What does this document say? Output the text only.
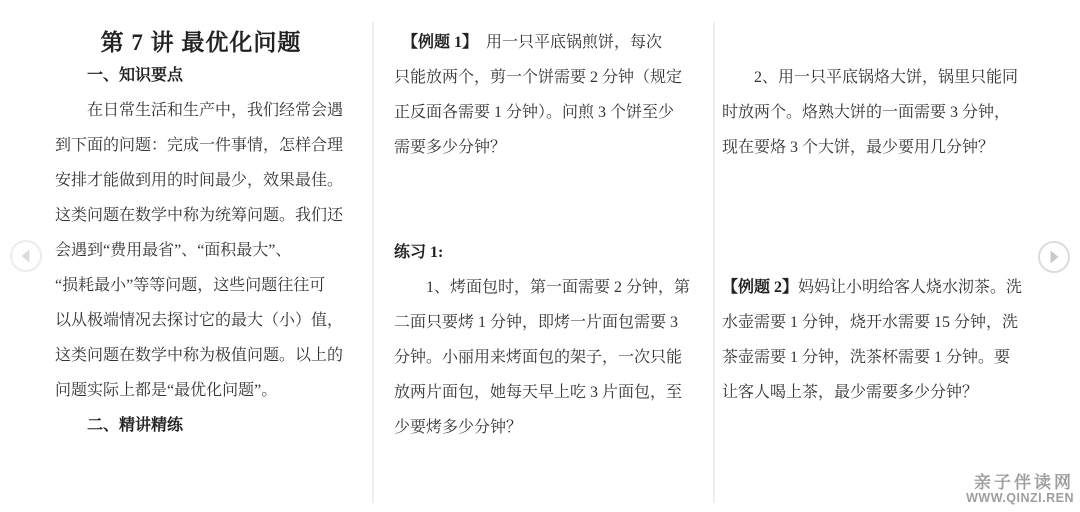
第 7 讲 最优化问题
　　一、知识要点
　　在日常生活和生产中，我们经常会遇
到下面的问题：完成一件事情，怎样合理
安排才能做到用的时间最少，效果最佳。
这类问题在数学中称为统筹问题。我们还
会遇到“费用最省”、“面积最大”、
“损耗最小”等等问题，这些问题往往可
以从极端情况去探讨它的最大（小）值，
这类问题在数学中称为极值问题。以上的
问题实际上都是“最优化问题”。
　　二、精讲精练
　【例题 1】　用一只平底锅煎饼，每次
只能放两个，剪一个饼需要 2 分钟（规定
正反面各需要 1 分钟）。问煎 3 个饼至少
需要多少分钟？
练习 1:
　　1、烤面包时，第一面需要 2 分钟，第
二面只要烤 1 分钟，即烤一片面包需要 3
分钟。小丽用来烤面包的架子，一次只能
放两片面包，她每天早上吃 3 片面包，至
少要烤多少分钟？
　　2、用一只平底锅烙大饼，锅里只能同
时放两个。烙熟大饼的一面需要 3 分钟，
现在要烙 3 个大饼，最少要用几分钟？
【例题 2】妈妈让小明给客人烧水沏茶。洗
水壶需要 1 分钟，烧开水需要 15 分钟，洗
茶壶需要 1 分钟，洗茶杯需要 1 分钟。要
让客人喝上茶，最少需要多少分钟？
亲子伴读网
WWW.QINZI.REN
